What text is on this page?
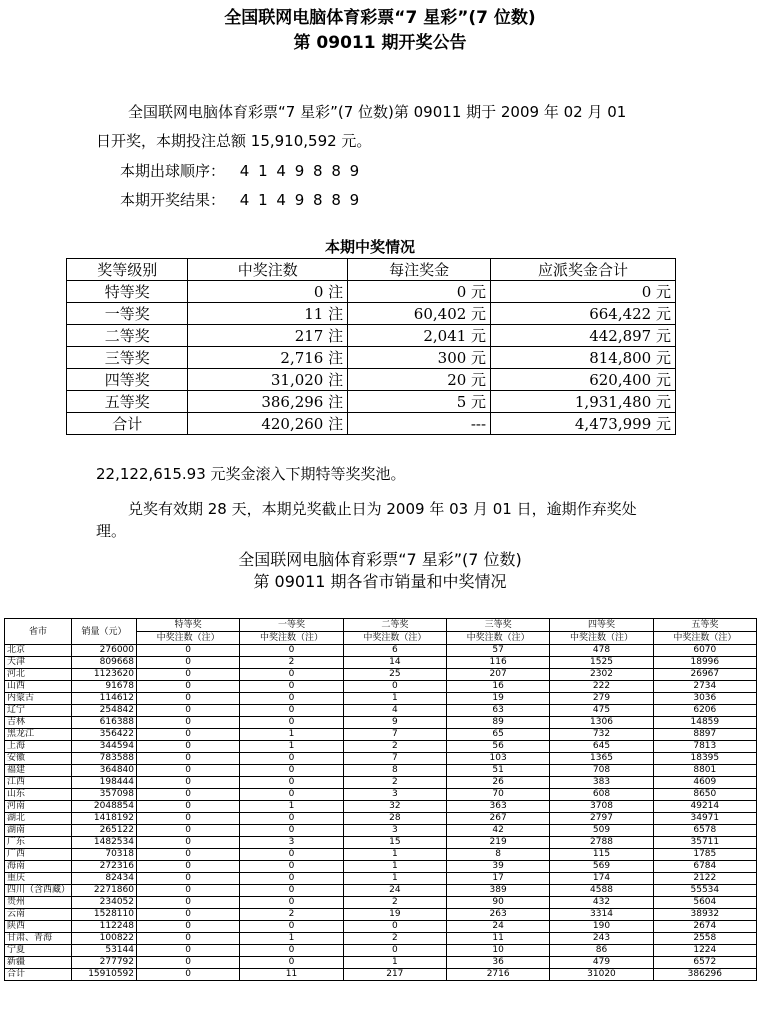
全国联网电脑体育彩票“7 星彩”(7 位数)
第 09011 期开奖公告
全国联网电脑体育彩票“7 星彩”(7 位数)第 09011 期于 2009 年 02 月 01
日开奖，本期投注总额 15,910,592 元。
本期出球顺序： 4 1 4 9 8 8 9
本期开奖结果： 4 1 4 9 8 8 9
本期中奖情况
奖等级别	中奖注数	每注奖金	应派奖金合计
特等奖	0 注	0 元	0 元
一等奖	11 注	60,402 元	664,422 元
二等奖	217 注	2,041 元	442,897 元
三等奖	2,716 注	300 元	814,800 元
四等奖	31,020 注	20 元	620,400 元
五等奖	386,296 注	5 元	1,931,480 元
合计	420,260 注	---	4,473,999 元
22,122,615.93 元奖金滚入下期特等奖奖池。
兑奖有效期 28 天，本期兑奖截止日为 2009 年 03 月 01 日，逾期作弃奖处
理。
全国联网电脑体育彩票“7 星彩”(7 位数)
第 09011 期各省市销量和中奖情况
省市	销量（元）	特等奖	一等奖	二等奖	三等奖	四等奖	五等奖
		中奖注数（注）	中奖注数（注）	中奖注数（注）	中奖注数（注）	中奖注数（注）	中奖注数（注）
北京	276000	0	0	6	57	478	6070
天津	809668	0	2	14	116	1525	18996
河北	1123620	0	0	25	207	2302	26967
山西	91678	0	0	0	16	222	2734
内蒙古	114612	0	0	1	19	279	3036
辽宁	254842	0	0	4	63	475	6206
吉林	616388	0	0	9	89	1306	14859
黑龙江	356422	0	1	7	65	732	8897
上海	344594	0	1	2	56	645	7813
安徽	783588	0	0	7	103	1365	18395
福建	364840	0	0	8	51	708	8801
江西	198444	0	0	2	26	383	4609
山东	357098	0	0	3	70	608	8650
河南	2048854	0	1	32	363	3708	49214
湖北	1418192	0	0	28	267	2797	34971
湖南	265122	0	0	3	42	509	6578
广东	1482534	0	3	15	219	2788	35711
广西	70318	0	0	1	8	115	1785
海南	272316	0	0	1	39	569	6784
重庆	82434	0	0	1	17	174	2122
四川（含西藏）	2271860	0	0	24	389	4588	55534
贵州	234052	0	0	2	90	432	5604
云南	1528110	0	2	19	263	3314	38932
陕西	112248	0	0	0	24	190	2674
甘肃、青海	100822	0	1	2	11	243	2558
宁夏	53144	0	0	0	10	86	1224
新疆	277792	0	0	1	36	479	6572
合计	15910592	0	11	217	2716	31020	386296
